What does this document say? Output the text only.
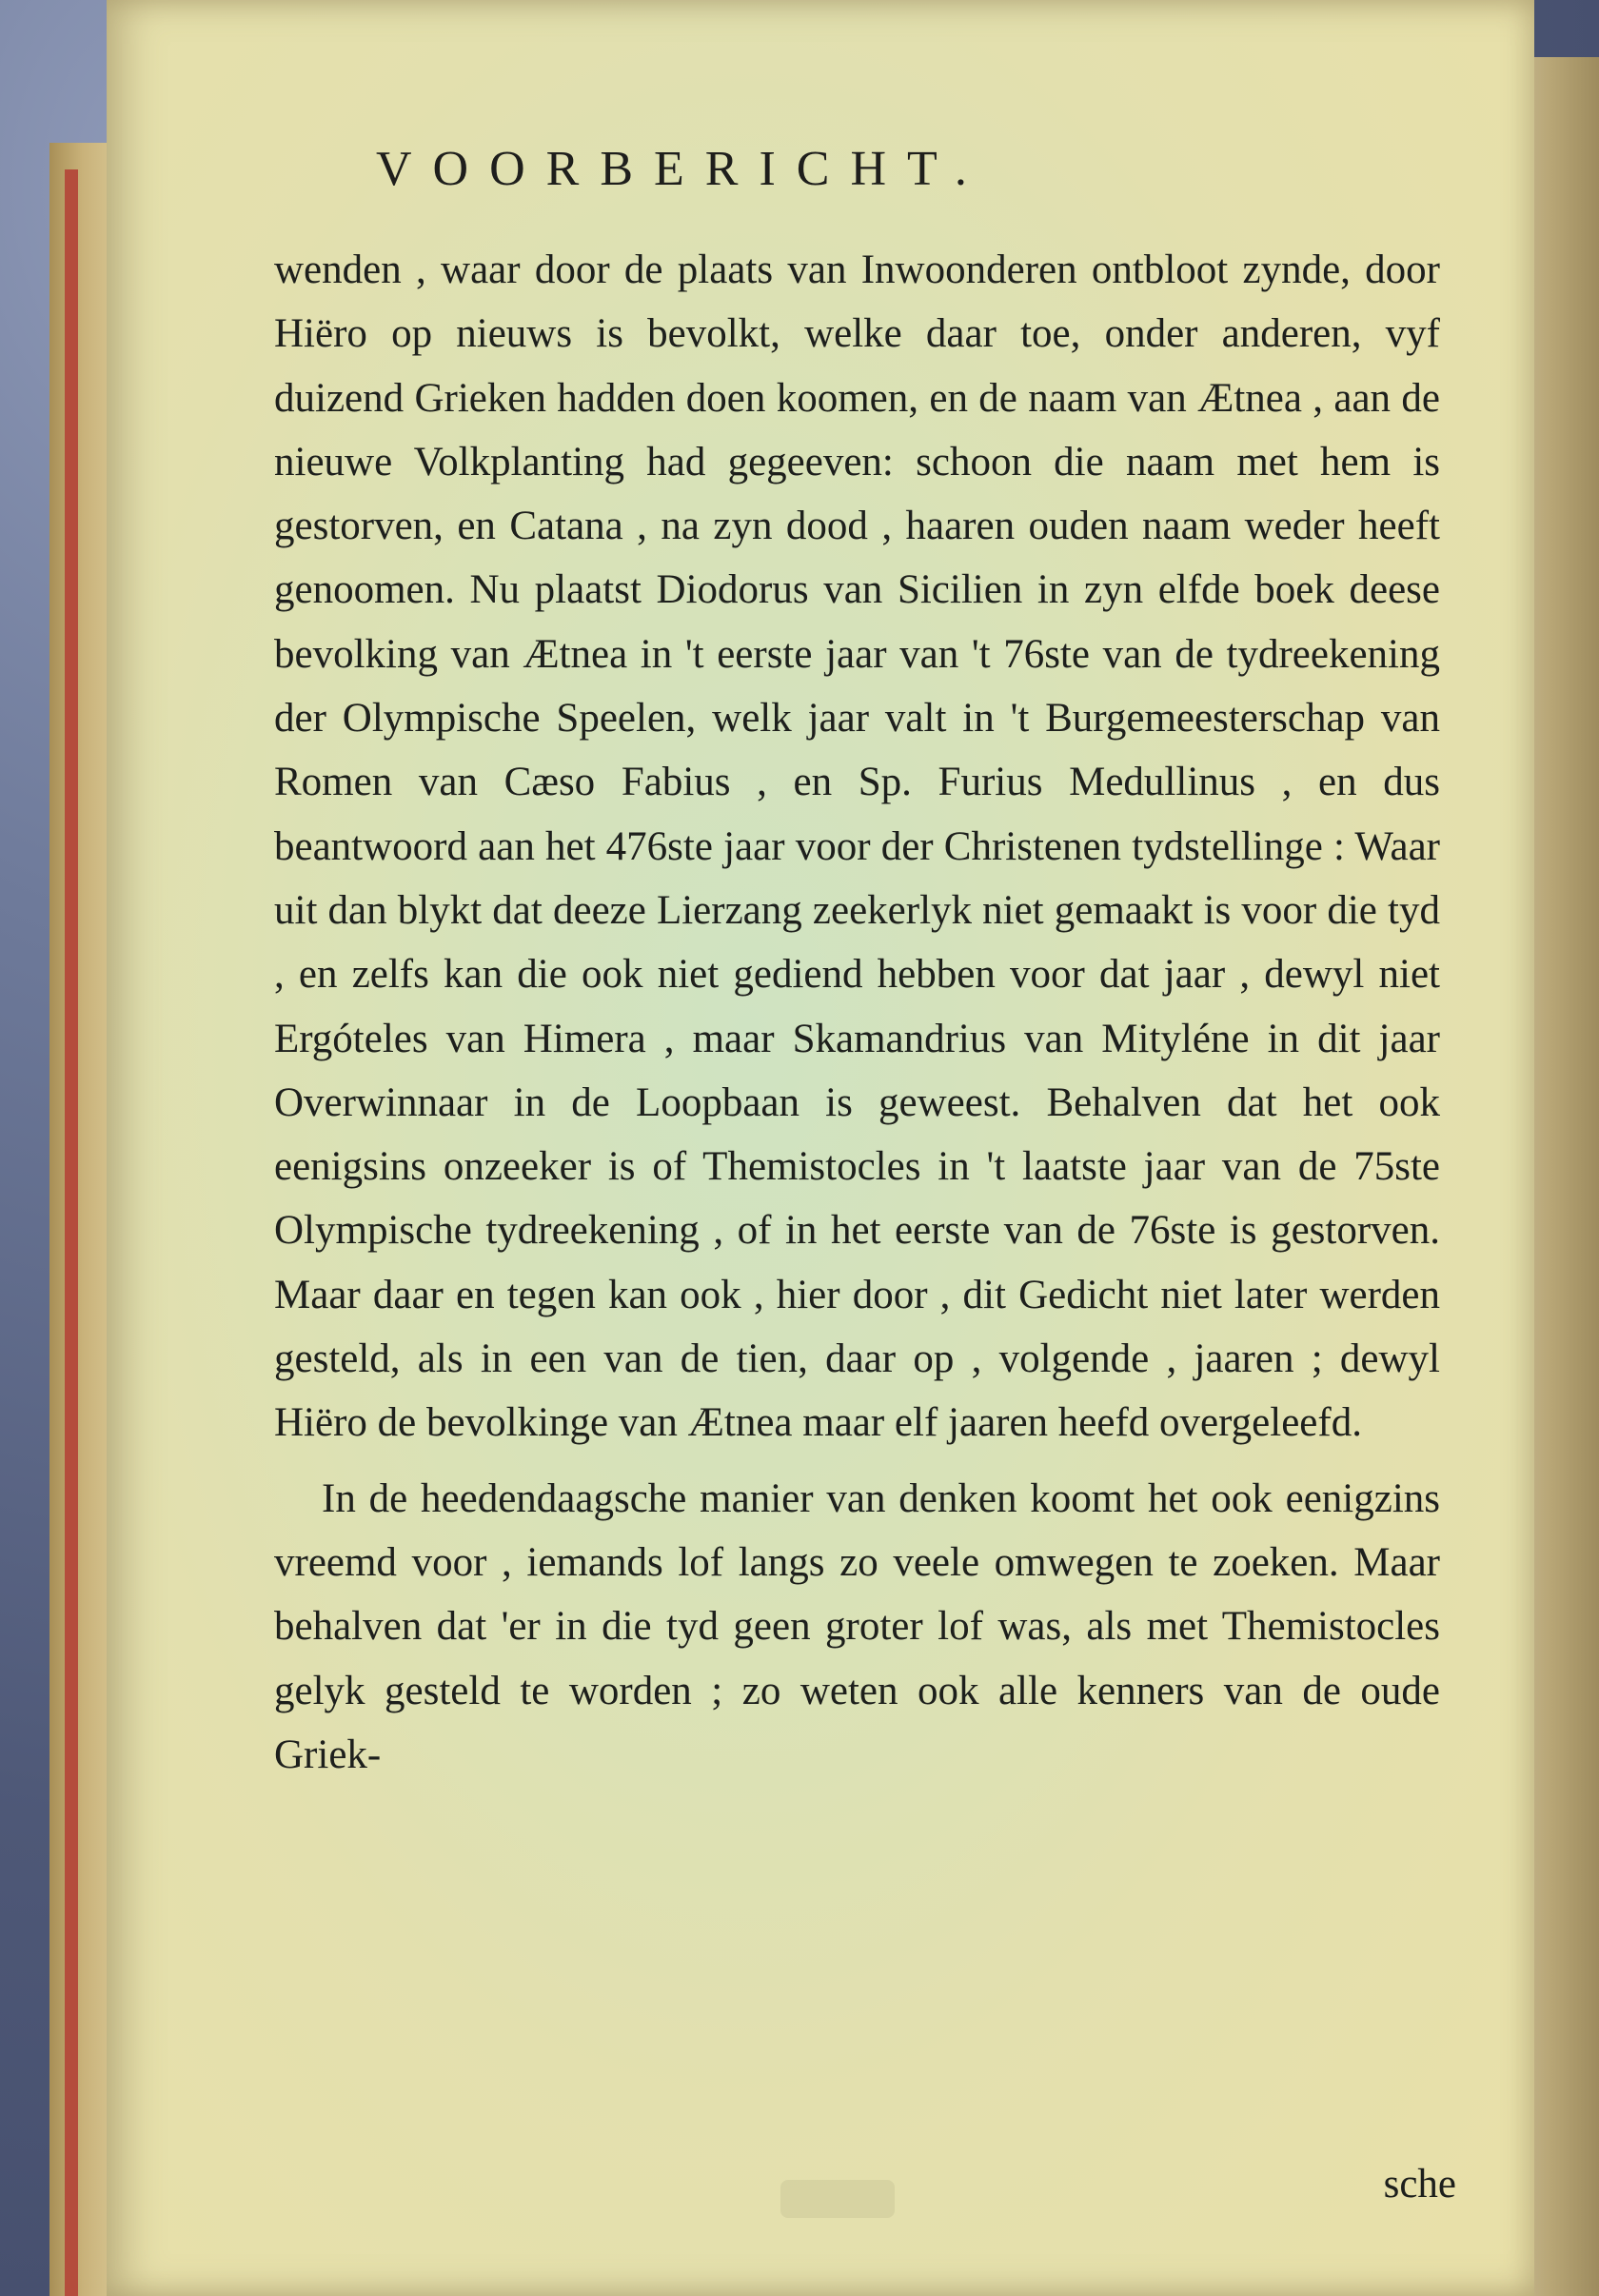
VOORBERICHT.

wenden , waar door de plaats van Inwoonderen ontbloot zynde, door Hiëro op nieuws is bevolkt, welke daar toe, onder anderen, vyf duizend Grieken hadden doen koomen, en de naam van Ætnea , aan de nieuwe Volkplanting had gegeeven: schoon die naam met hem is gestorven, en Catana , na zyn dood , haaren ouden naam weder heeft genoomen. Nu plaatst Diodorus van Sicilien in zyn elfde boek deese bevolking van Ætnea in 't eerste jaar van 't 76ste van de tydreekening der Olympische Speelen, welk jaar valt in 't Burgemeesterschap van Romen van Cæso Fabius , en Sp. Furius Medullinus , en dus beantwoord aan het 476ste jaar voor der Christenen tydstellinge : Waar uit dan blykt dat deeze Lierzang zeekerlyk niet gemaakt is voor die tyd , en zelfs kan die ook niet gediend hebben voor dat jaar , dewyl niet Ergóteles van Himera , maar Skamandrius van Mityléne in dit jaar Overwinnaar in de Loopbaan is geweest. Behalven dat het ook eenigsins onzeeker is of Themistocles in 't laatste jaar van de 75ste Olympische tydreekening , of in het eerste van de 76ste is gestorven. Maar daar en tegen kan ook , hier door , dit Gedicht niet later werden gesteld, als in een van de tien, daar op , volgende , jaaren ; dewyl Hiëro de bevolkinge van Ætnea maar elf jaaren heefd overgeleefd.

In de heedendaagsche manier van denken koomt het ook eenigzins vreemd voor , iemands lof langs zo veele omwegen te zoeken. Maar behalven dat 'er in die tyd geen groter lof was, als met Themistocles gelyk gesteld te worden ; zo weten ook alle kenners van de oude Griek-

sche
